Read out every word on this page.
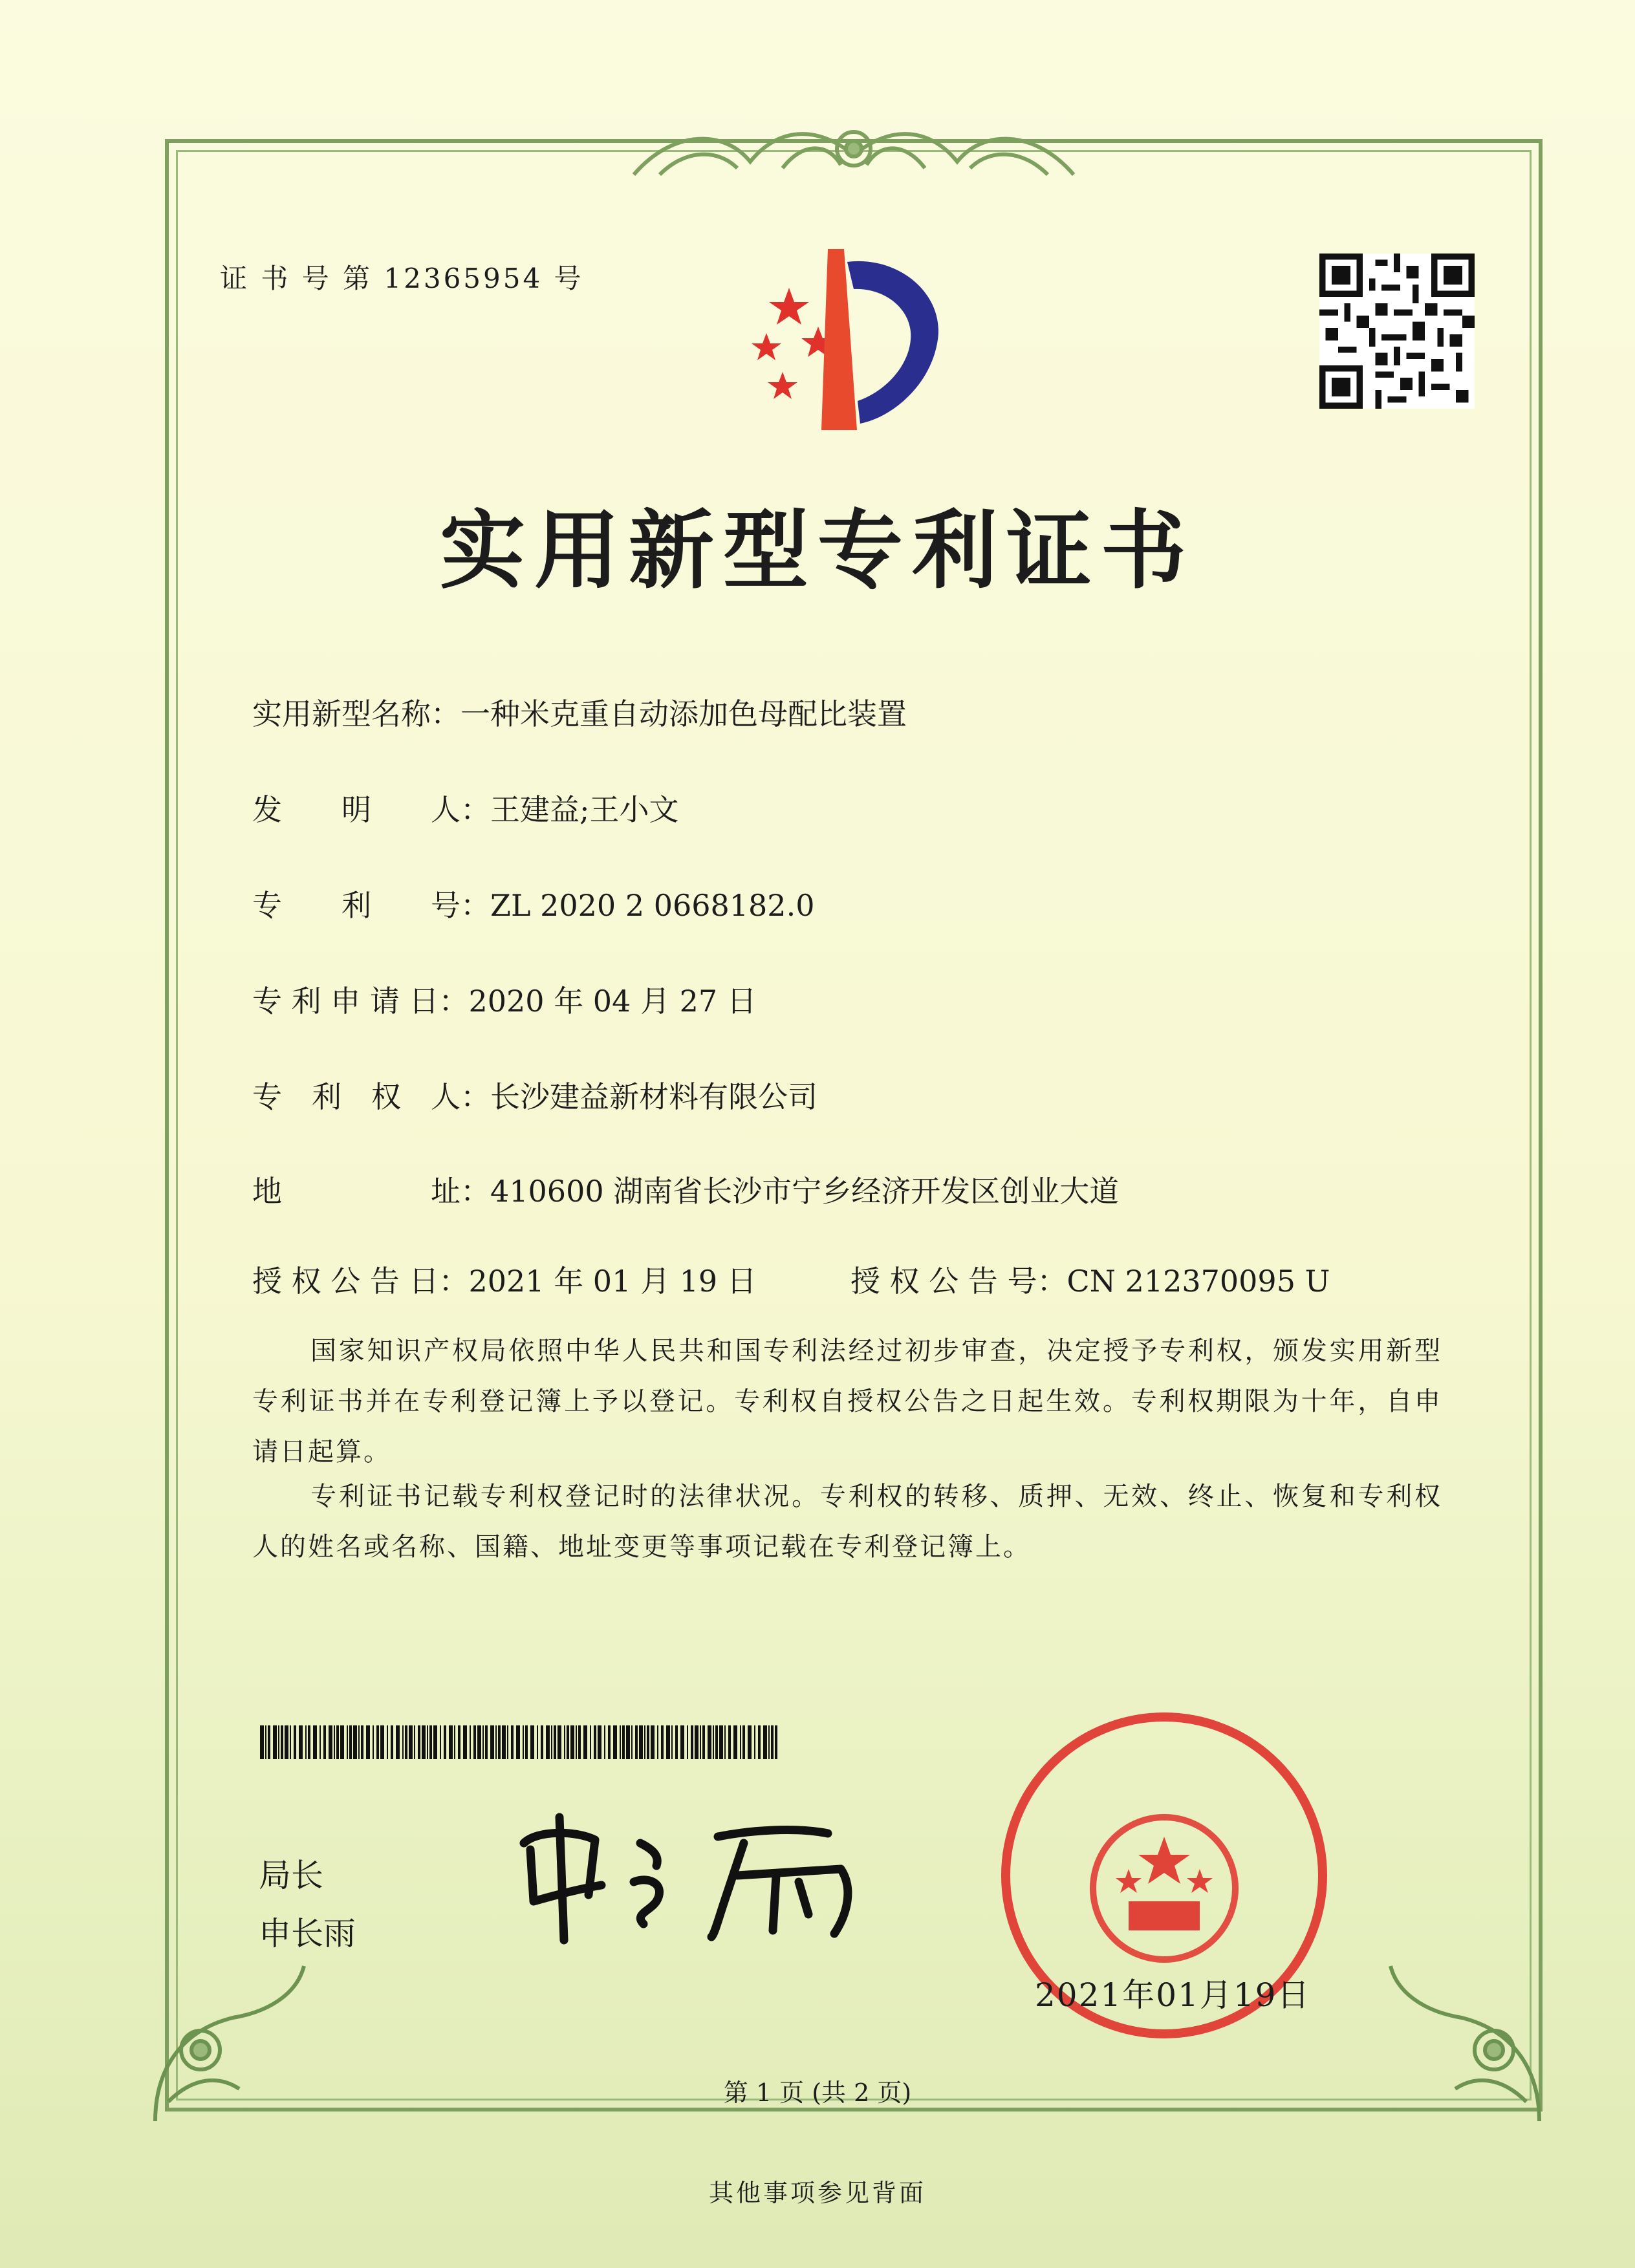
证 书 号 第 12365954 号
实用新型专利证书
实用新型名称：一种米克重自动添加色母配比装置
发　　明　　人：王建益;王小文
专　　利　　号：ZL 2020 2 0668182.0
专 利 申 请 日：2020 年 04 月 27 日
专　利　权　人：长沙建益新材料有限公司
地　　　　　址：410600 湖南省长沙市宁乡经济开发区创业大道
授 权 公 告 日：2021 年 01 月 19 日	授 权 公 告 号：CN 212370095 U
国家知识产权局依照中华人民共和国专利法经过初步审查，决定授予专利权，颁发实用新型专利证书并在专利登记簿上予以登记。专利权自授权公告之日起生效。专利权期限为十年，自申请日起算。
专利证书记载专利权登记时的法律状况。专利权的转移、质押、无效、终止、恢复和专利权人的姓名或名称、国籍、地址变更等事项记载在专利登记簿上。
局长
申长雨
2021年01月19日
第 1 页 (共 2 页)
其他事项参见背面
